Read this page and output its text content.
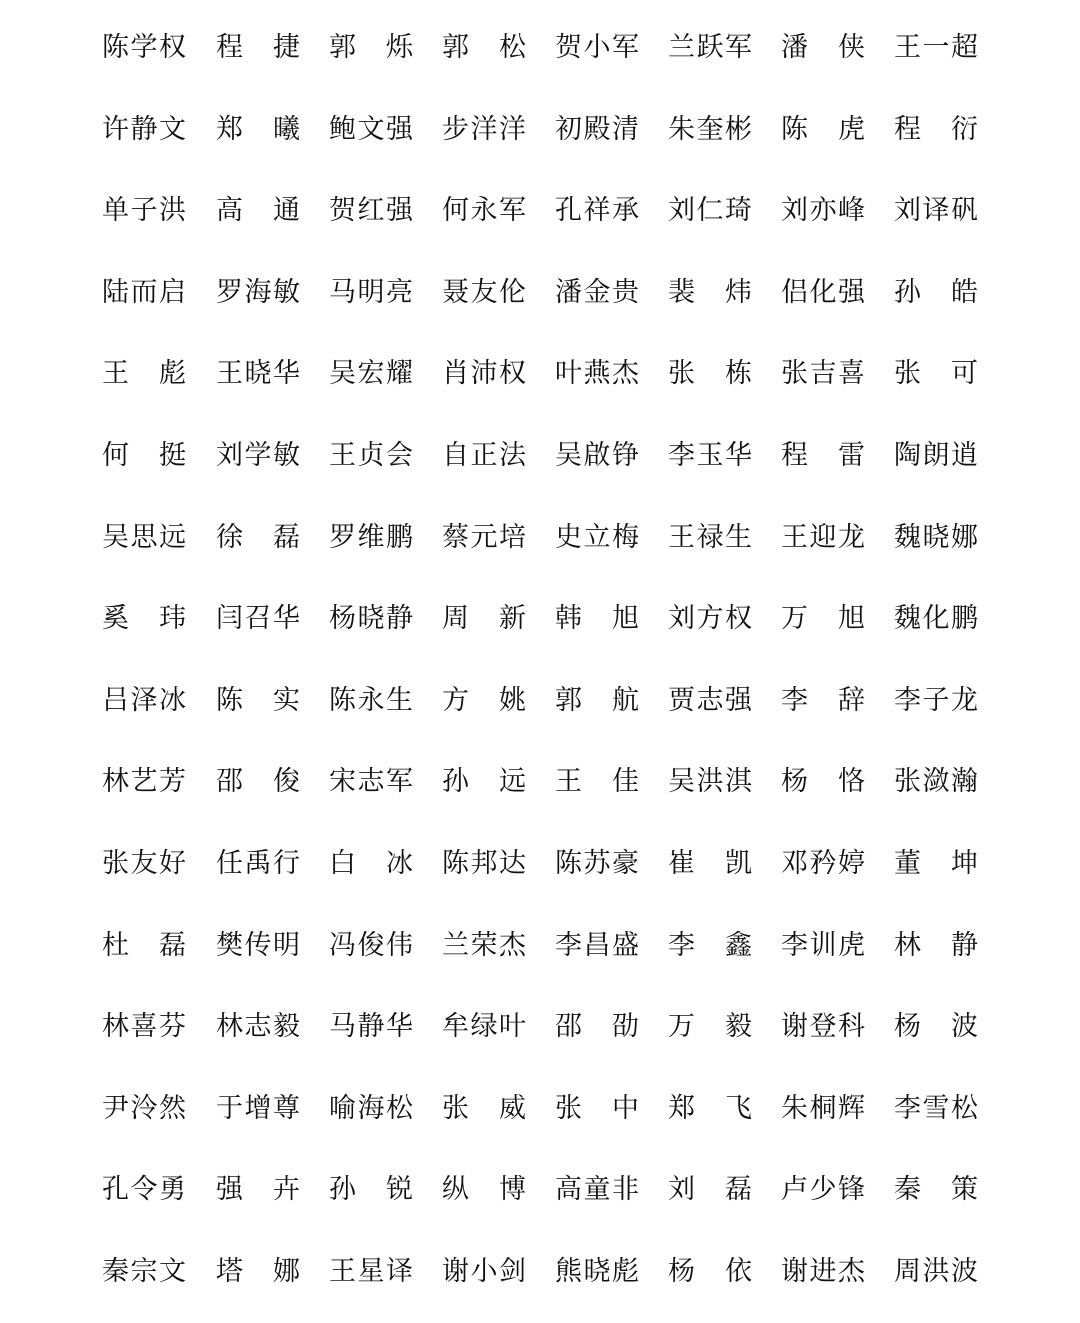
陈学权 程　捷 郭　烁 郭　松 贺小军 兰跃军 潘　侠 王一超
许静文 郑　曦 鲍文强 步洋洋 初殿清 朱奎彬 陈　虎 程　衍
单子洪 高　通 贺红强 何永军 孔祥承 刘仁琦 刘亦峰 刘译矾
陆而启 罗海敏 马明亮 聂友伦 潘金贵 裴　炜 侣化强 孙　皓
王　彪 王晓华 吴宏耀 肖沛权 叶燕杰 张　栋 张吉喜 张　可
何　挺 刘学敏 王贞会 自正法 吴啟铮 李玉华 程　雷 陶朗逍
吴思远 徐　磊 罗维鹏 蔡元培 史立梅 王禄生 王迎龙 魏晓娜
奚　玮 闫召华 杨晓静 周　新 韩　旭 刘方权 万　旭 魏化鹏
吕泽冰 陈　实 陈永生 方　姚 郭　航 贾志强 李　辞 李子龙
林艺芳 邵　俊 宋志军 孙　远 王　佳 吴洪淇 杨　恪 张潋瀚
张友好 任禹行 白　冰 陈邦达 陈苏豪 崔　凯 邓矜婷 董　坤
杜　磊 樊传明 冯俊伟 兰荣杰 李昌盛 李　鑫 李训虎 林　静
林喜芬 林志毅 马静华 牟绿叶 邵　劭 万　毅 谢登科 杨　波
尹泠然 于增尊 喻海松 张　威 张　中 郑　飞 朱桐辉 李雪松
孔令勇 强　卉 孙　锐 纵　博 高童非 刘　磊 卢少锋 秦　策
秦宗文 塔　娜 王星译 谢小剑 熊晓彪 杨　依 谢进杰 周洪波
